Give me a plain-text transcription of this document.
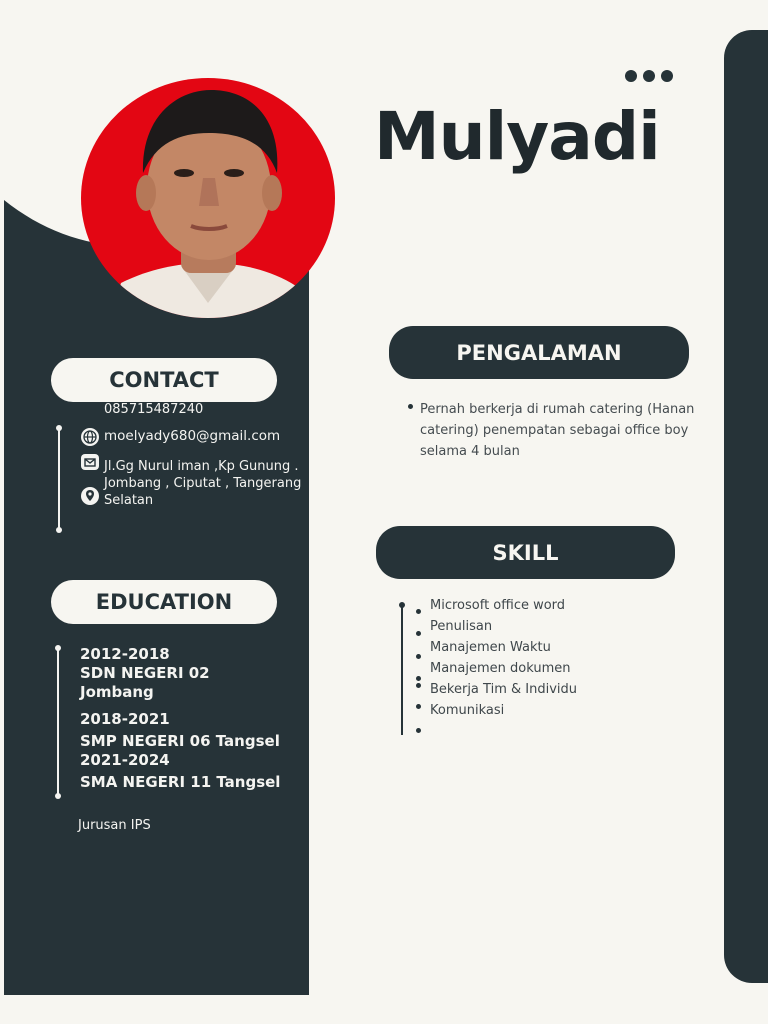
Mulyadi
CONTACT
EDUCATION
PENGALAMAN
SKILL
085715487240
moelyady680@gmail.com
Jl.Gg Nurul iman ,Kp Gunung . Jombang , Ciputat , Tangerang Selatan
2012-2018
SDN NEGERI 02
Jombang
2018-2021
SMP NEGERI 06 Tangsel
2021-2024
SMA NEGERI 11 Tangsel
Jurusan IPS
Pernah berkerja di rumah catering (Hanan catering) penempatan sebagai office boy selama 4 bulan
Microsoft office word
Penulisan
Manajemen Waktu
Manajemen dokumen
Bekerja Tim & Individu
Komunikasi
